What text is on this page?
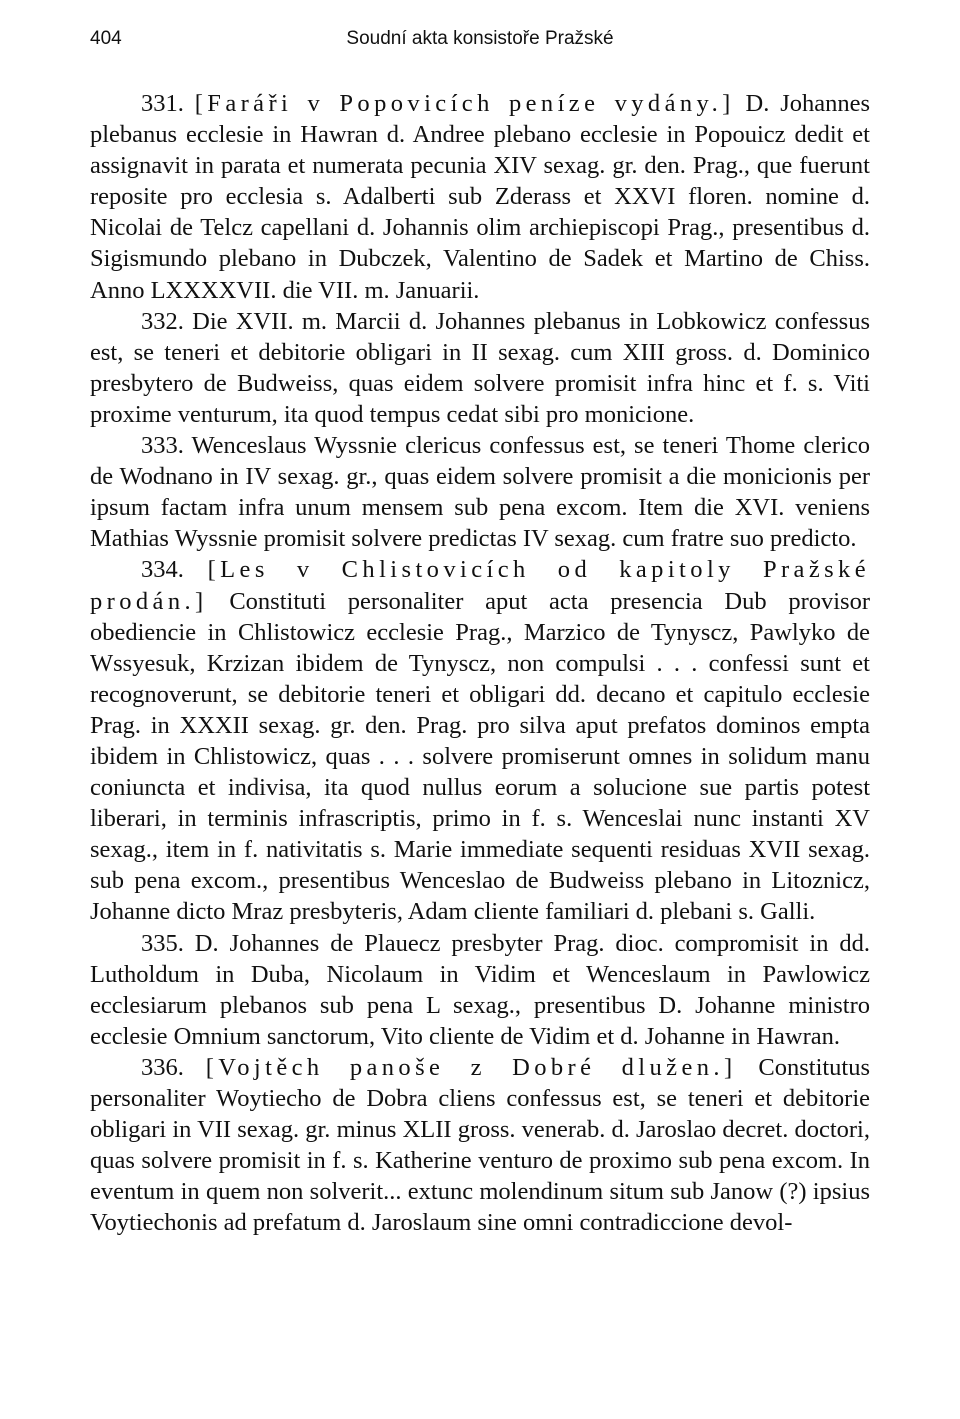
404	Soudní akta konsistoře Pražské

331. [Faráři v Popovicích peníze vydány.] D. Johannes plebanus ecclesie in Hawran d. Andree plebano ecclesie in Popouicz dedit et assignavit in parata et numerata pecunia XIV sexag. gr. den. Prag., que fuerunt reposite pro ecclesia s. Adalberti sub Zderass et XXVI floren. nomine d. Nicolai de Telcz capellani d. Johannis olim archiepiscopi Prag., presentibus d. Sigismundo plebano in Dubczek, Valentino de Sadek et Martino de Chiss. Anno LXXXXVII. die VII. m. Januarii.

332. Die XVII. m. Marcii d. Johannes plebanus in Lobkowicz confessus est, se teneri et debitorie obligari in II sexag. cum XIII gross. d. Dominico presbytero de Budweiss, quas eidem solvere promisit infra hinc et f. s. Viti proxime venturum, ita quod tempus cedat sibi pro monicione.

333. Wenceslaus Wyssnie clericus confessus est, se teneri Thome clerico de Wodnano in IV sexag. gr., quas eidem solvere promisit a die monicionis per ipsum factam infra unum mensem sub pena excom. Item die XVI. veniens Mathias Wyssnie promisit solvere predictas IV sexag. cum fratre suo predicto.

334. [Les v Chlistovicích od kapitoly Pražské prodán.] Constituti personaliter aput acta presencia Dub provisor obediencie in Chlistowicz ecclesie Prag., Marzico de Tynyscz, Pawlyko de Wssyesuk, Krzizan ibidem de Tynyscz, non compulsi . . . confessi sunt et recognoverunt, se debitorie teneri et obligari dd. decano et capitulo ecclesie Prag. in XXXII sexag. gr. den. Prag. pro silva aput prefatos dominos empta ibidem in Chlistowicz, quas . . . solvere promiserunt omnes in solidum manu coniuncta et indivisa, ita quod nullus eorum a solucione sue partis potest liberari, in terminis infrascriptis, primo in f. s. Wenceslai nunc instanti XV sexag., item in f. nativitatis s. Marie immediate sequenti residuas XVII sexag. sub pena excom., presentibus Wenceslao de Budweiss plebano in Litoznicz, Johanne dicto Mraz presbyteris, Adam cliente familiari d. plebani s. Galli.

335. D. Johannes de Plauecz presbyter Prag. dioc. compromisit in dd. Lutholdum in Duba, Nicolaum in Vidim et Wenceslaum in Pawlowicz ecclesiarum plebanos sub pena L sexag., presentibus D. Johanne ministro ecclesie Omnium sanctorum, Vito cliente de Vidim et d. Johanne in Hawran.

336. [Vojtěch panoše z Dobré dlužen.] Constitutus personaliter Woytiecho de Dobra cliens confessus est, se teneri et debitorie obligari in VII sexag. gr. minus XLII gross. venerab. d. Jaroslao decret. doctori, quas solvere promisit in f. s. Katherine venturo de proximo sub pena excom. In eventum in quem non solverit... extunc molendinum situm sub Janow (?) ipsius Voytiechonis ad prefatum d. Jaroslaum sine omni contradiccione devol-
